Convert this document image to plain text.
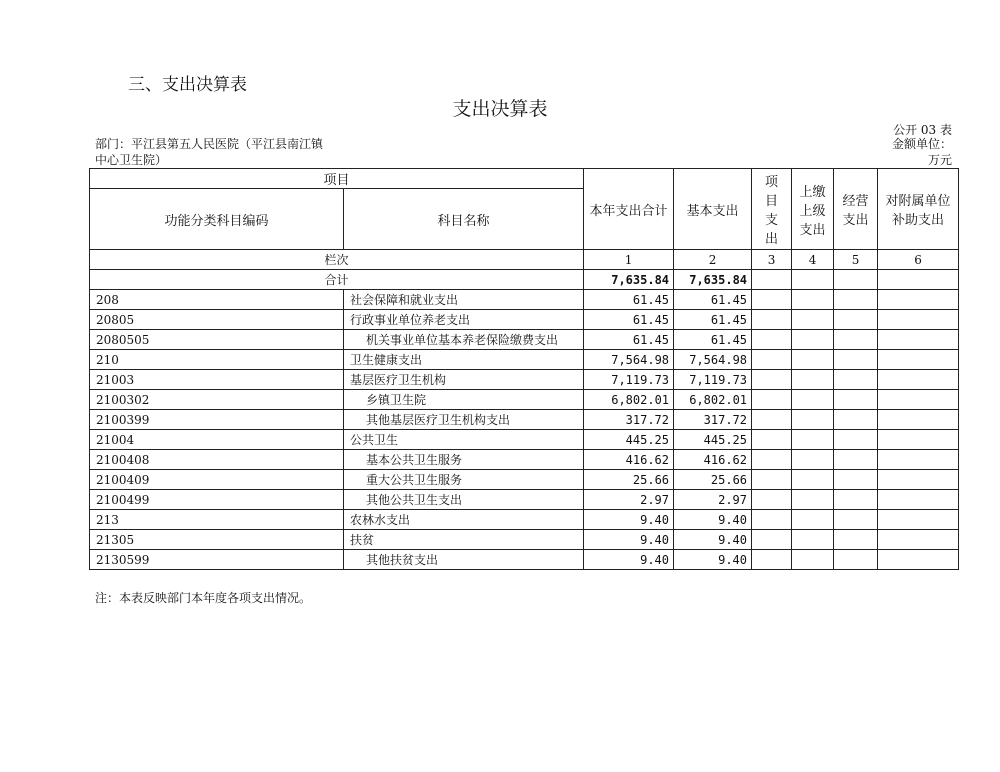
三、支出决算表
支出决算表
公开 03 表
部门：平江县第五人民医院（平江县南江镇中心卫生院）
金额单位：万元
项目		本年支出合计	基本支出	项目支出	上缴上级支出	经营支出	对附属单位补助支出
功能分类科目编码	科目名称						
栏次		1	2	3	4	5	6
合计		7,635.84	7,635.84				
208	社会保障和就业支出	61.45	61.45				
20805	行政事业单位养老支出	61.45	61.45				
2080505	机关事业单位基本养老保险缴费支出	61.45	61.45				
210	卫生健康支出	7,564.98	7,564.98				
21003	基层医疗卫生机构	7,119.73	7,119.73				
2100302	乡镇卫生院	6,802.01	6,802.01				
2100399	其他基层医疗卫生机构支出	317.72	317.72				
21004	公共卫生	445.25	445.25				
2100408	基本公共卫生服务	416.62	416.62				
2100409	重大公共卫生服务	25.66	25.66				
2100499	其他公共卫生支出	2.97	2.97				
213	农林水支出	9.40	9.40				
21305	扶贫	9.40	9.40				
2130599	其他扶贫支出	9.40	9.40				
注：本表反映部门本年度各项支出情况。
